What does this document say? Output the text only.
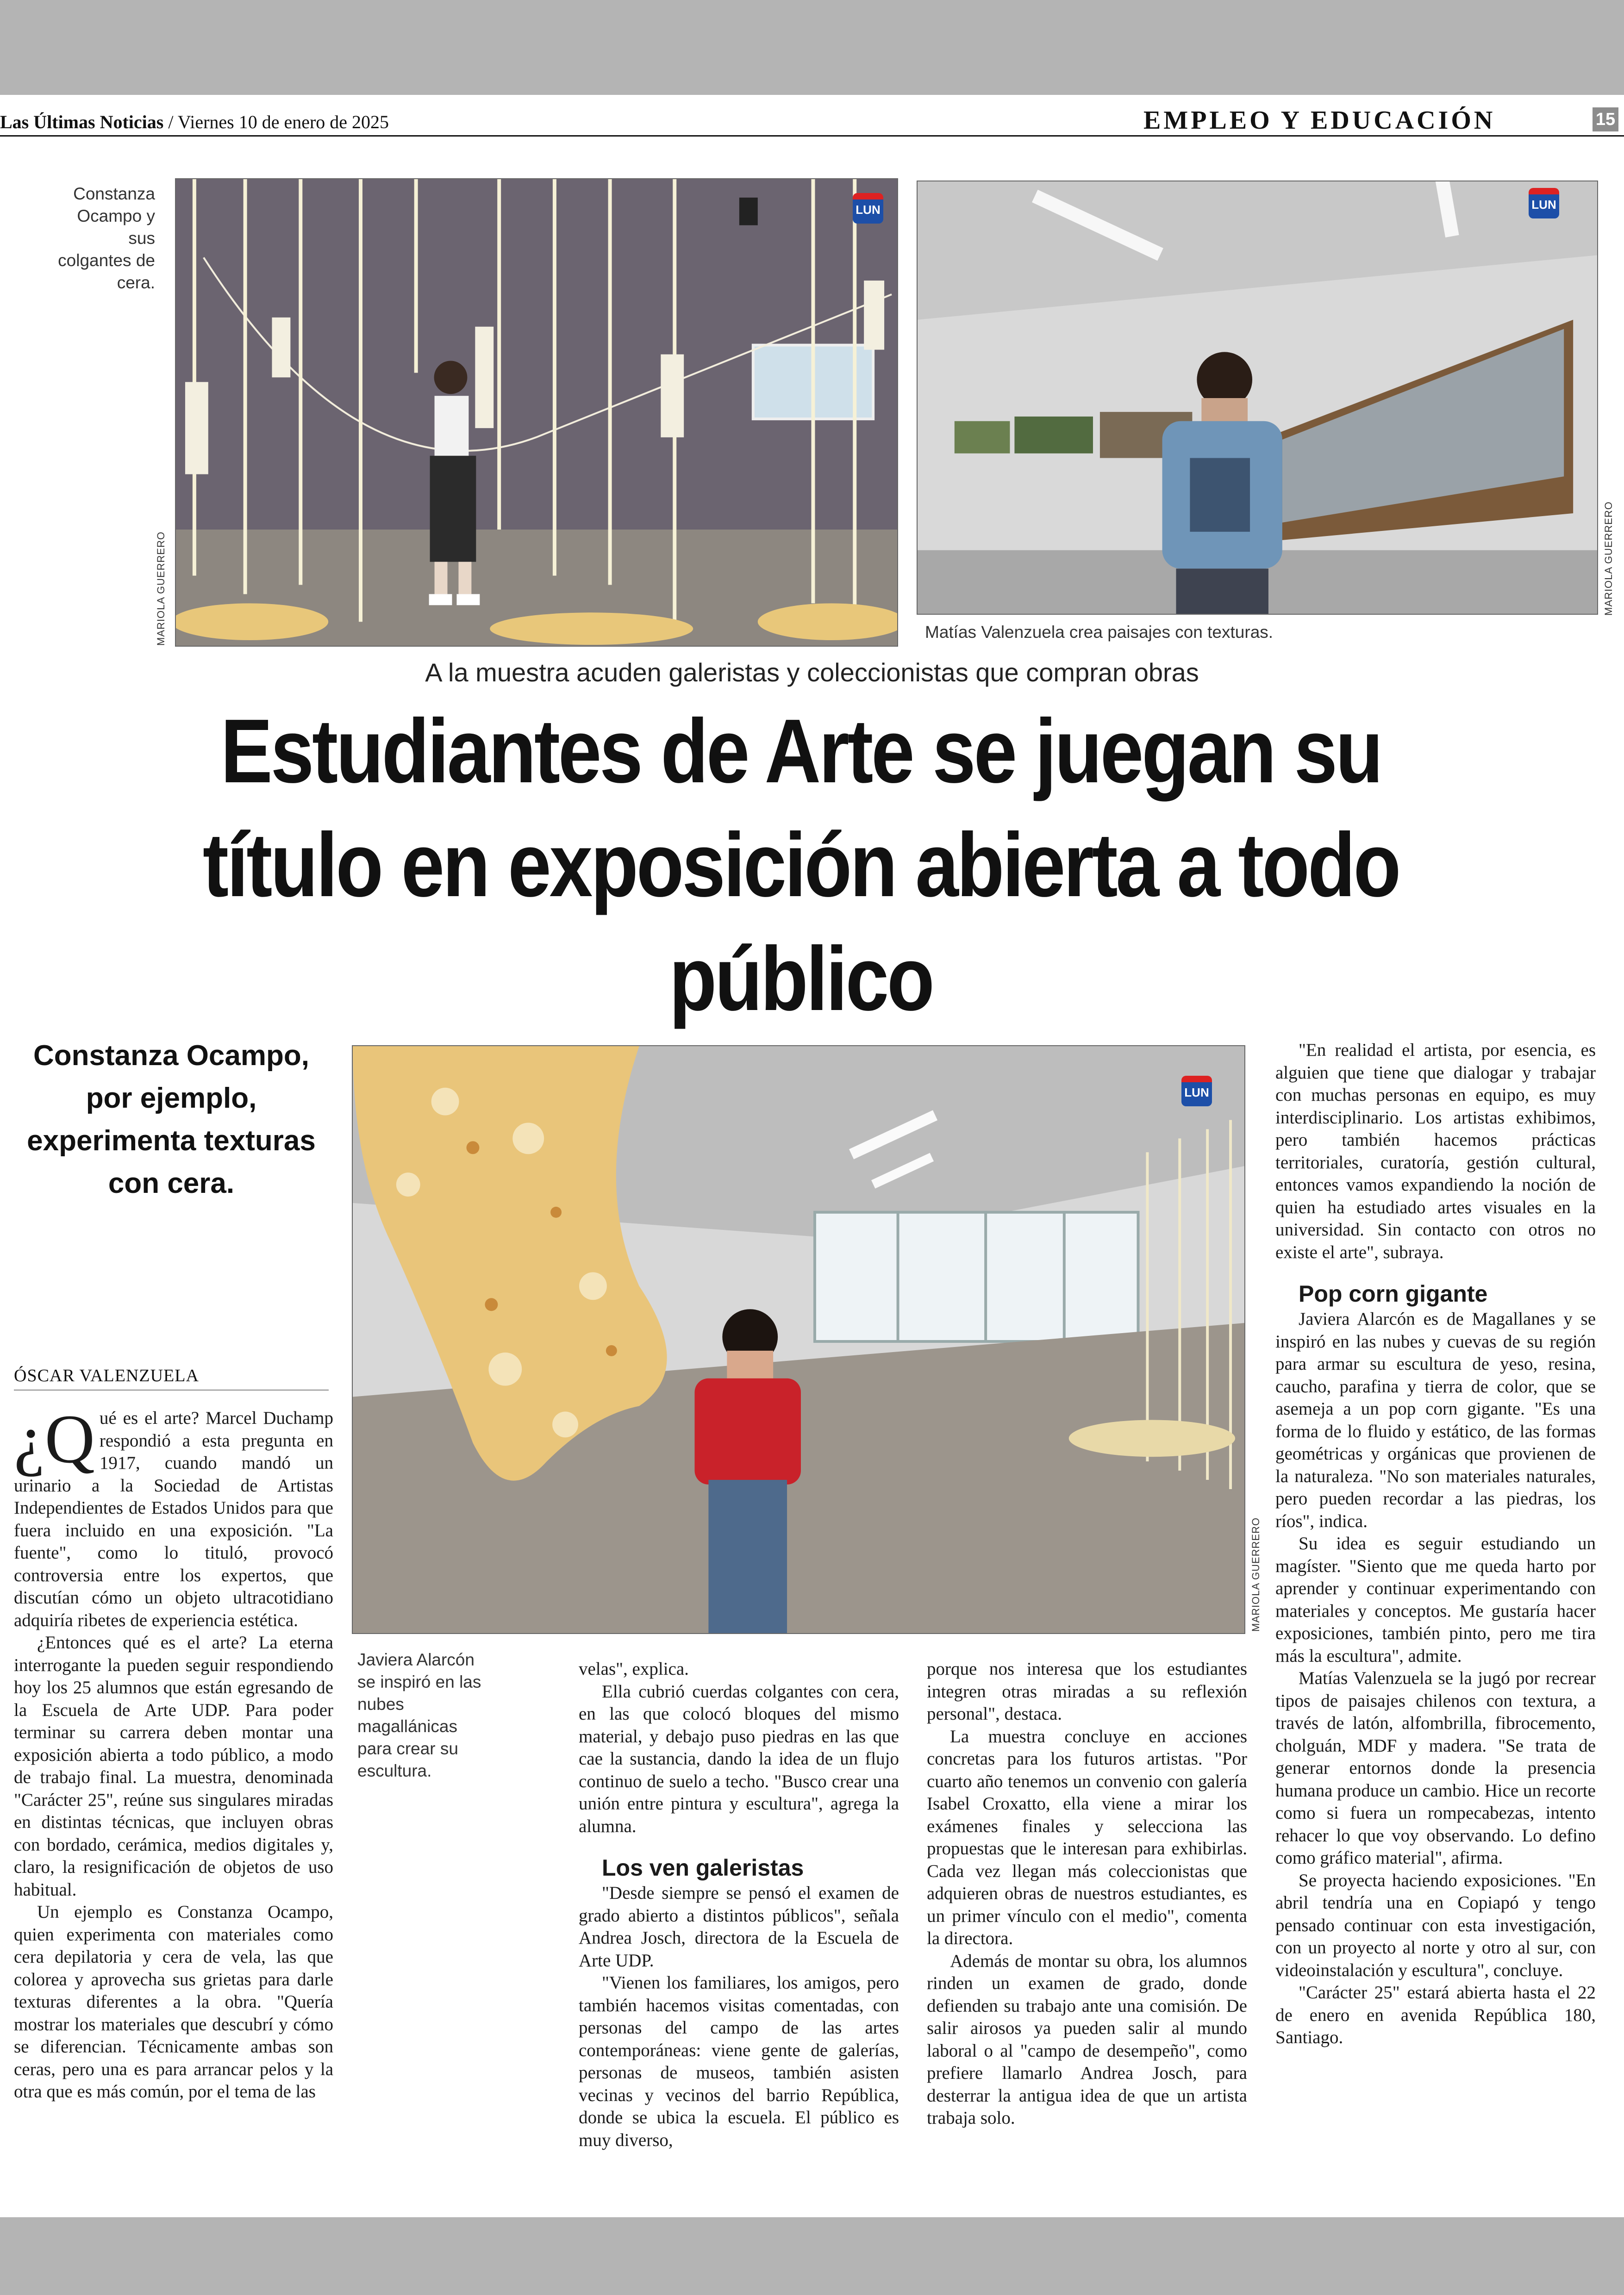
Las Últimas Noticias / Viernes 10 de enero de 2025	EMPLEO Y EDUCACIÓN	15
Constanza Ocampo y sus colgantes de cera.
LUN
MARIOLA GUERRERO
LUN
MARIOLA GUERRERO
Matías Valenzuela crea paisajes con texturas.
A la muestra acuden galeristas y coleccionistas que compran obras
Estudiantes de Arte se juegan su título en exposición abierta a todo público
Constanza Ocampo, por ejemplo, experimenta texturas con cera.
LUN
MARIOLA GUERRERO
Javiera Alarcón se inspiró en las nubes magallánicas para crear su escultura.
ÓSCAR VALENZUELA

¿Q ué es el arte? Marcel Duchamp respondió a esta pregunta en 1917, cuando mandó un urinario a la Sociedad de Artistas Independientes de Estados Unidos para que fuera incluido en una exposición. "La fuente", como lo tituló, provocó controversia entre los expertos, que discutían cómo un objeto ultracotidiano adquiría ribetes de experiencia estética.

¿Entonces qué es el arte? La eterna interrogante la pueden seguir respondiendo hoy los 25 alumnos que están egresando de la Escuela de Arte UDP. Para poder terminar su carrera deben montar una exposición abierta a todo público, a modo de trabajo final. La muestra, denominada "Carácter 25", reúne sus singulares miradas en distintas técnicas, que incluyen obras con bordado, cerámica, medios digitales y, claro, la resignificación de objetos de uso habitual.

Un ejemplo es Constanza Ocampo, quien experimenta con materiales como cera depilatoria y cera de vela, las que colorea y aprovecha sus grietas para darle texturas diferentes a la obra. "Quería mostrar los materiales que descubrí y cómo se diferencian. Técnicamente ambas son ceras, pero una es para arrancar pelos y la otra que es más común, por el tema de las

velas", explica.

Ella cubrió cuerdas colgantes con cera, en las que colocó bloques del mismo material, y debajo puso piedras en las que cae la sustancia, dando la idea de un flujo continuo de suelo a techo. "Busco crear una unión entre pintura y escultura", agrega la alumna.

Los ven galeristas

"Desde siempre se pensó el examen de grado abierto a distintos públicos", señala Andrea Josch, directora de la Escuela de Arte UDP.

"Vienen los familiares, los amigos, pero también hacemos visitas comentadas, con personas del campo de las artes contemporáneas: viene gente de galerías, personas de museos, también asisten vecinas y vecinos del barrio República, donde se ubica la escuela. El público es muy diverso,

porque nos interesa que los estudiantes integren otras miradas a su reflexión personal", destaca.

La muestra concluye en acciones concretas para los futuros artistas. "Por cuarto año tenemos un convenio con galería Isabel Croxatto, ella viene a mirar los exámenes finales y selecciona las propuestas que le interesan para exhibirlas. Cada vez llegan más coleccionistas que adquieren obras de nuestros estudiantes, es un primer vínculo con el medio", comenta la directora.

Además de montar su obra, los alumnos rinden un examen de grado, donde defienden su trabajo ante una comisión. De salir airosos ya pueden salir al mundo laboral o al "campo de desempeño", como prefiere llamarlo Andrea Josch, para desterrar la antigua idea de que un artista trabaja solo.

"En realidad el artista, por esencia, es alguien que tiene que dialogar y trabajar con muchas personas en equipo, es muy interdisciplinario. Los artistas exhibimos, pero también hacemos prácticas territoriales, curatoría, gestión cultural, entonces vamos expandiendo la noción de quien ha estudiado artes visuales en la universidad. Sin contacto con otros no existe el arte", subraya.

Pop corn gigante

Javiera Alarcón es de Magallanes y se inspiró en las nubes y cuevas de su región para armar su escultura de yeso, resina, caucho, parafina y tierra de color, que se asemeja a un pop corn gigante. "Es una forma de lo fluido y estático, de las formas geométricas y orgánicas que provienen de la naturaleza. "No son materiales naturales, pero pueden recordar a las piedras, los ríos", indica.

Su idea es seguir estudiando un magíster. "Siento que me queda harto por aprender y continuar experimentando con materiales y conceptos. Me gustaría hacer exposiciones, también pinto, pero me tira más la escultura", admite.

Matías Valenzuela se la jugó por recrear tipos de paisajes chilenos con textura, a través de latón, alfombrilla, fibrocemento, cholguán, MDF y madera. "Se trata de generar entornos donde la presencia humana produce un cambio. Hice un recorte como si fuera un rompecabezas, intento rehacer lo que voy observando. Lo defino como gráfico material", afirma.

Se proyecta haciendo exposiciones. "En abril tendría una en Copiapó y tengo pensado continuar con esta investigación, con un proyecto al norte y otro al sur, con videoinstalación y escultura", concluye.

"Carácter 25" estará abierta hasta el 22 de enero en avenida República 180, Santiago.
